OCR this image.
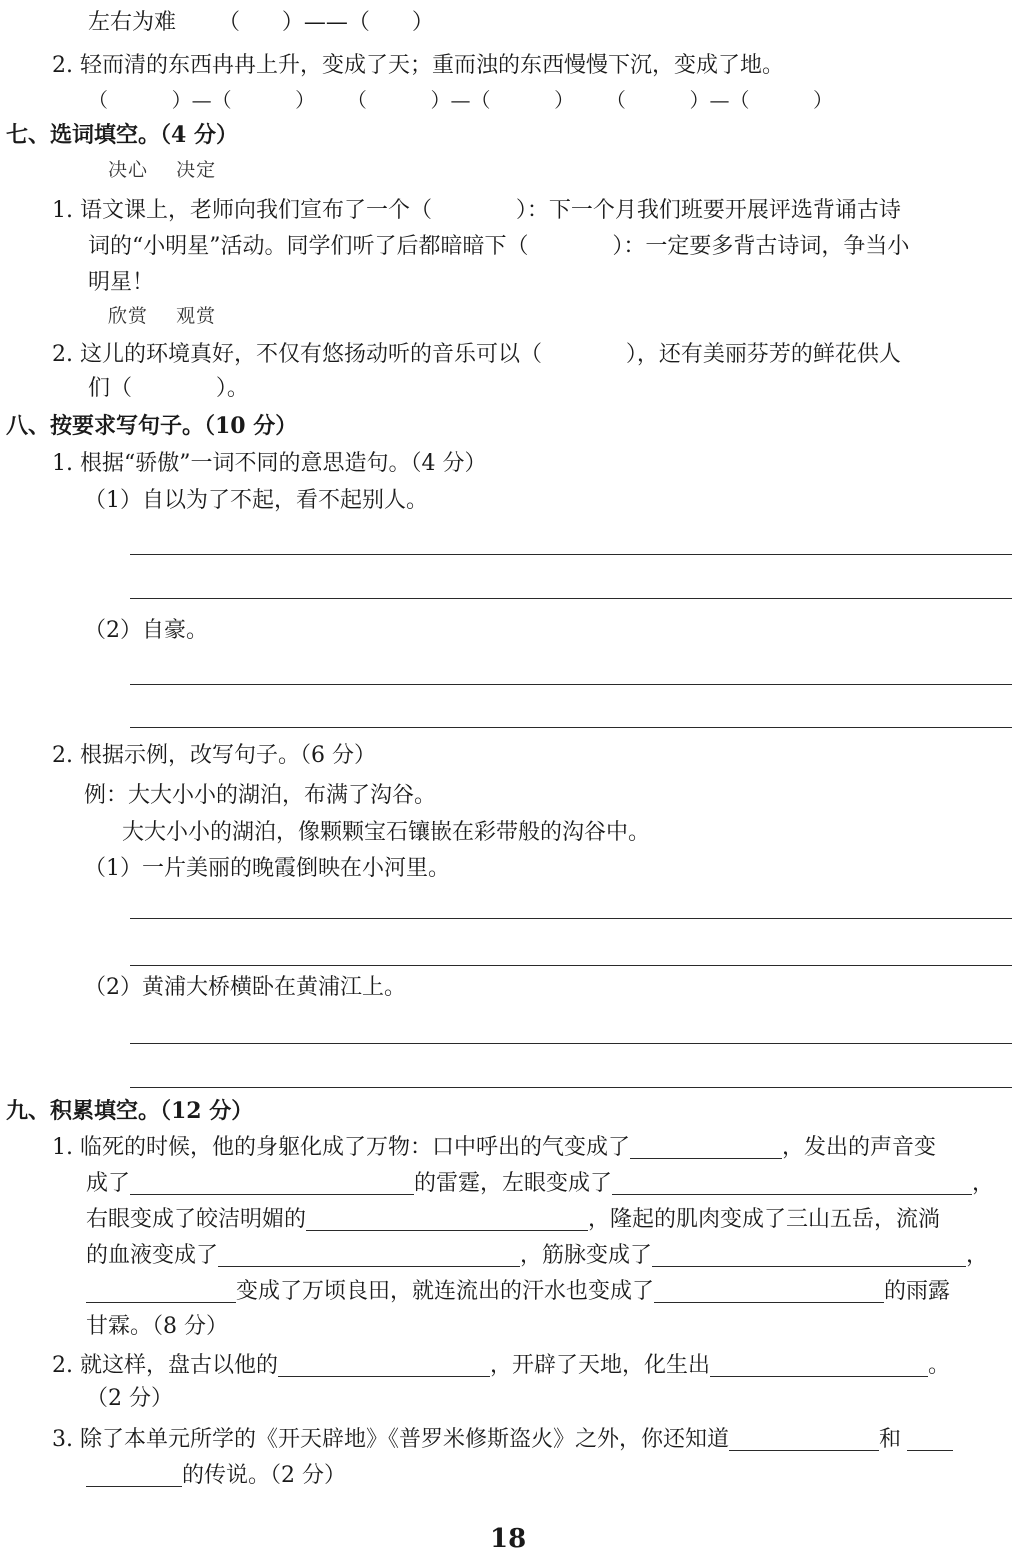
左右为难      （      ）——（      ）
2. 轻而清的东西冉冉上升，变成了天；重而浊的东西慢慢下沉，变成了地。
（          ）—（          ）     （          ）—（          ）     （          ）—（          ）
七、选词填空。（4 分）
决心    决定
1. 语文课上，老师向我们宣布了一个（            ）：下一个月我们班要开展评选背诵古诗
词的“小明星”活动。同学们听了后都暗暗下（            ）：一定要多背古诗词，争当小
明星！
欣赏    观赏
2. 这儿的环境真好，不仅有悠扬动听的音乐可以（            ），还有美丽芬芳的鲜花供人
们（            ）。
八、按要求写句子。（10 分）
1. 根据“骄傲”一词不同的意思造句。（4 分）
（1）自以为了不起，看不起别人。
（2）自豪。
2. 根据示例，改写句子。（6 分）
例：大大小小的湖泊，布满了沟谷。
大大小小的湖泊，像颗颗宝石镶嵌在彩带般的沟谷中。
（1）一片美丽的晚霞倒映在小河里。
（2）黄浦大桥横卧在黄浦江上。
九、积累填空。（12 分）
1. 临死的时候，他的身躯化成了万物：口中呼出的气变成了	，发出的声音变
成了	的雷霆，左眼变成了	，
右眼变成了皎洁明媚的	，隆起的肌肉变成了三山五岳，流淌
的血液变成了	，筋脉变成了	，
变成了万顷良田，就连流出的汗水也变成了	的雨露
甘霖。（8 分）
2. 就这样，盘古以他的	，开辟了天地，化生出	。
（2 分）
3. 除了本单元所学的《开天辟地》《普罗米修斯盗火》之外，你还知道	和
的传说。（2 分）
18
